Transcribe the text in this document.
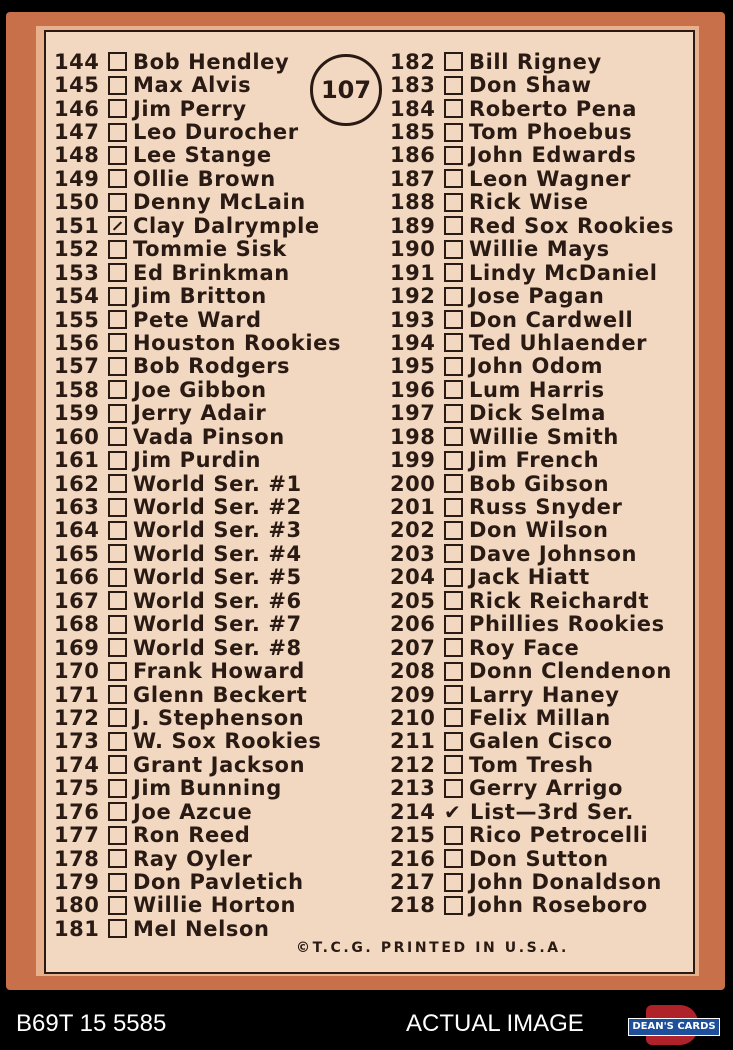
144	Bob Hendley
145	Max Alvis
146	Jim Perry
147	Leo Durocher
148	Lee Stange
149	Ollie Brown
150	Denny McLain
151	Clay Dalrymple
152	Tommie Sisk
153	Ed Brinkman
154	Jim Britton
155	Pete Ward
156	Houston Rookies
157	Bob Rodgers
158	Joe Gibbon
159	Jerry Adair
160	Vada Pinson
161	Jim Purdin
162	World Ser. #1
163	World Ser. #2
164	World Ser. #3
165	World Ser. #4
166	World Ser. #5
167	World Ser. #6
168	World Ser. #7
169	World Ser. #8
170	Frank Howard
171	Glenn Beckert
172	J. Stephenson
173	W. Sox Rookies
174	Grant Jackson
175	Jim Bunning
176	Joe Azcue
177	Ron Reed
178	Ray Oyler
179	Don Pavletich
180	Willie Horton
181	Mel Nelson
182	Bill Rigney
183	Don Shaw
184	Roberto Pena
185	Tom Phoebus
186	John Edwards
187	Leon Wagner
188	Rick Wise
189	Red Sox Rookies
190	Willie Mays
191	Lindy McDaniel
192	Jose Pagan
193	Don Cardwell
194	Ted Uhlaender
195	John Odom
196	Lum Harris
197	Dick Selma
198	Willie Smith
199	Jim French
200	Bob Gibson
201	Russ Snyder
202	Don Wilson
203	Dave Johnson
204	Jack Hiatt
205	Rick Reichardt
206	Phillies Rookies
207	Roy Face
208	Donn Clendenon
209	Larry Haney
210	Felix Millan
211	Galen Cisco
212	Tom Tresh
213	Gerry Arrigo
214 ✔ List—3rd Ser.
215	Rico Petrocelli
216	Don Sutton
217	John Donaldson
218	John Roseboro
107
©T.C.G. PRINTED IN U.S.A.
B69T 15 5585	ACTUAL IMAGE	DEAN'S CARDS
